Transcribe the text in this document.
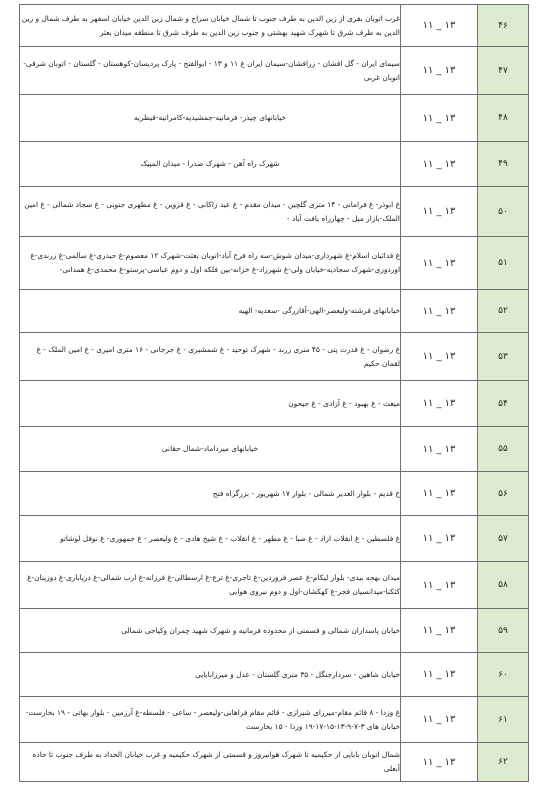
۴۶	۱۱ _ ۱۳	غرب اتوبان بقری از زین الدین به طرف جنوب تا شمال خیابان سراج و شمال زین الدین خیابان اسفهر به طرف شمال و زین الدین به طرف شرق تا شهرک شهید بهشتی و جنوب زین الدین به طرف شرق تا منطقه میدان بعثر

۴۷	۱۱ _ ۱۳	سیمای ایران - گل افشان - زرافشان-سیمان ایران غ ۱۱ و ۱۳ - ابوالفتح - پارک پردیسان-کوهستان - گلستان - اتوبان شرقی-اتوبان غربی

۴۸	۱۱ _ ۱۳	خیابانهای چیذر- فرمانیه-جمشیدیه-کامرانیه-قیطریه

۴۹	۱۱ _ ۱۳	شهرک راه آهن - شهرک صدرا - میدان المپیک

۵۰	۱۱ _ ۱۳	غ ابوذر- غ فرامانی - ۱۴ متری گلچین - میدان مقدم - غ عید زاکانی - غ قزوین - غ مطهری جنوبی - غ سجاد شمالی - غ امین الملک-بازار مبل - چهارراه یافت آباد -

۵۱	۱۱ _ ۱۳	غ فدائیان اسلام-غ شهرداری-میدان شوش-سه راه فرح آباد-اتوبان بعثت-شهرک ۱۲ معصوم-غ حیدری-غ سالمی-غ زرندی-غ اوردوزی-شهرک سجادیه-خیابان ولی-غ شهرزاد-غ خزانه-بین فلکه اول و دوم عباسی-پرستو-غ محمدی-غ همدانی-

۵۲	۱۱ _ ۱۳	خیابانهای فرشته-ولیعصر-الهی-آقازرگی -سعدیه- الهیه

۵۳	۱۱ _ ۱۳	غ رضوان - غ قدرت پتی - ۴۵ متری زرند - شهرک توحید - غ شمشیری - غ جرجانی - ۱۶ متری امیری - غ امین الملک - غ لقمان حکیم

۵۴	۱۱ _ ۱۳	میعث - غ بهبود - غ آزادی - غ جیحون

۵۵	۱۱ _ ۱۳	خیابانهای میرداماد-شمال حقانی

۵۶	۱۱ _ ۱۳	خ قدیم - بلوار الغدیر شمالی - بلوار ۱۷ شهریور - بزرگراه فتح

۵۷	۱۱ _ ۱۳	غ فلسطین - غ انقلاب ازاد - غ صبا - غ مطهر - غ انقلاب - غ شیخ هادی - غ ولیعصر - غ جمهوری- غ نوفل لوشاتو

۵۸	۱۱ _ ۱۳	میدان بهجه بیدی- بلوار لیکام-غ عصر فروردین-غ تاجری-غ ترع-غ ارسطالی-غ فرزانه-غ ارب شمالی-غ دریاباری-غ دوزینان-غ کثکنا-میدانسیان فجر-غ کهکشان-اول و دوم نیروی هوایی

۵۹	۱۱ _ ۱۳	خیابان پاسداران شمالی و قسمتی از محدوده فرمانیه و شهرک شهید چمران وکیاجی شمالی

۶۰	۱۱ _ ۱۳	خیابان شاهین - سردارجنگل - ۳۵ متری گلستان - عدل و میرزابابایی

۶۱	۱۱ _ ۱۳	غ وزدا - ۸ قائم مقام-میرزای شیرازی - قائم مقام فراهانی-ولیعصر - ساعی - فلسطه-غ آرزمین - بلوار بهاتی - ۱۹ بخارست-خیابان های ۳-۷-۹-۱۳-۱۵-۱۷-۱۹ وزدا - ۱۵ بخارست

۶۲	۱۱ _ ۱۳	شمال اتوبان بابایی از حکیمیه تا شهرک هوانیروز و قسمتی از شهرک حکیمیه و غرب خیابان الحداد به طرف جنوب تا جاده آبعلی
